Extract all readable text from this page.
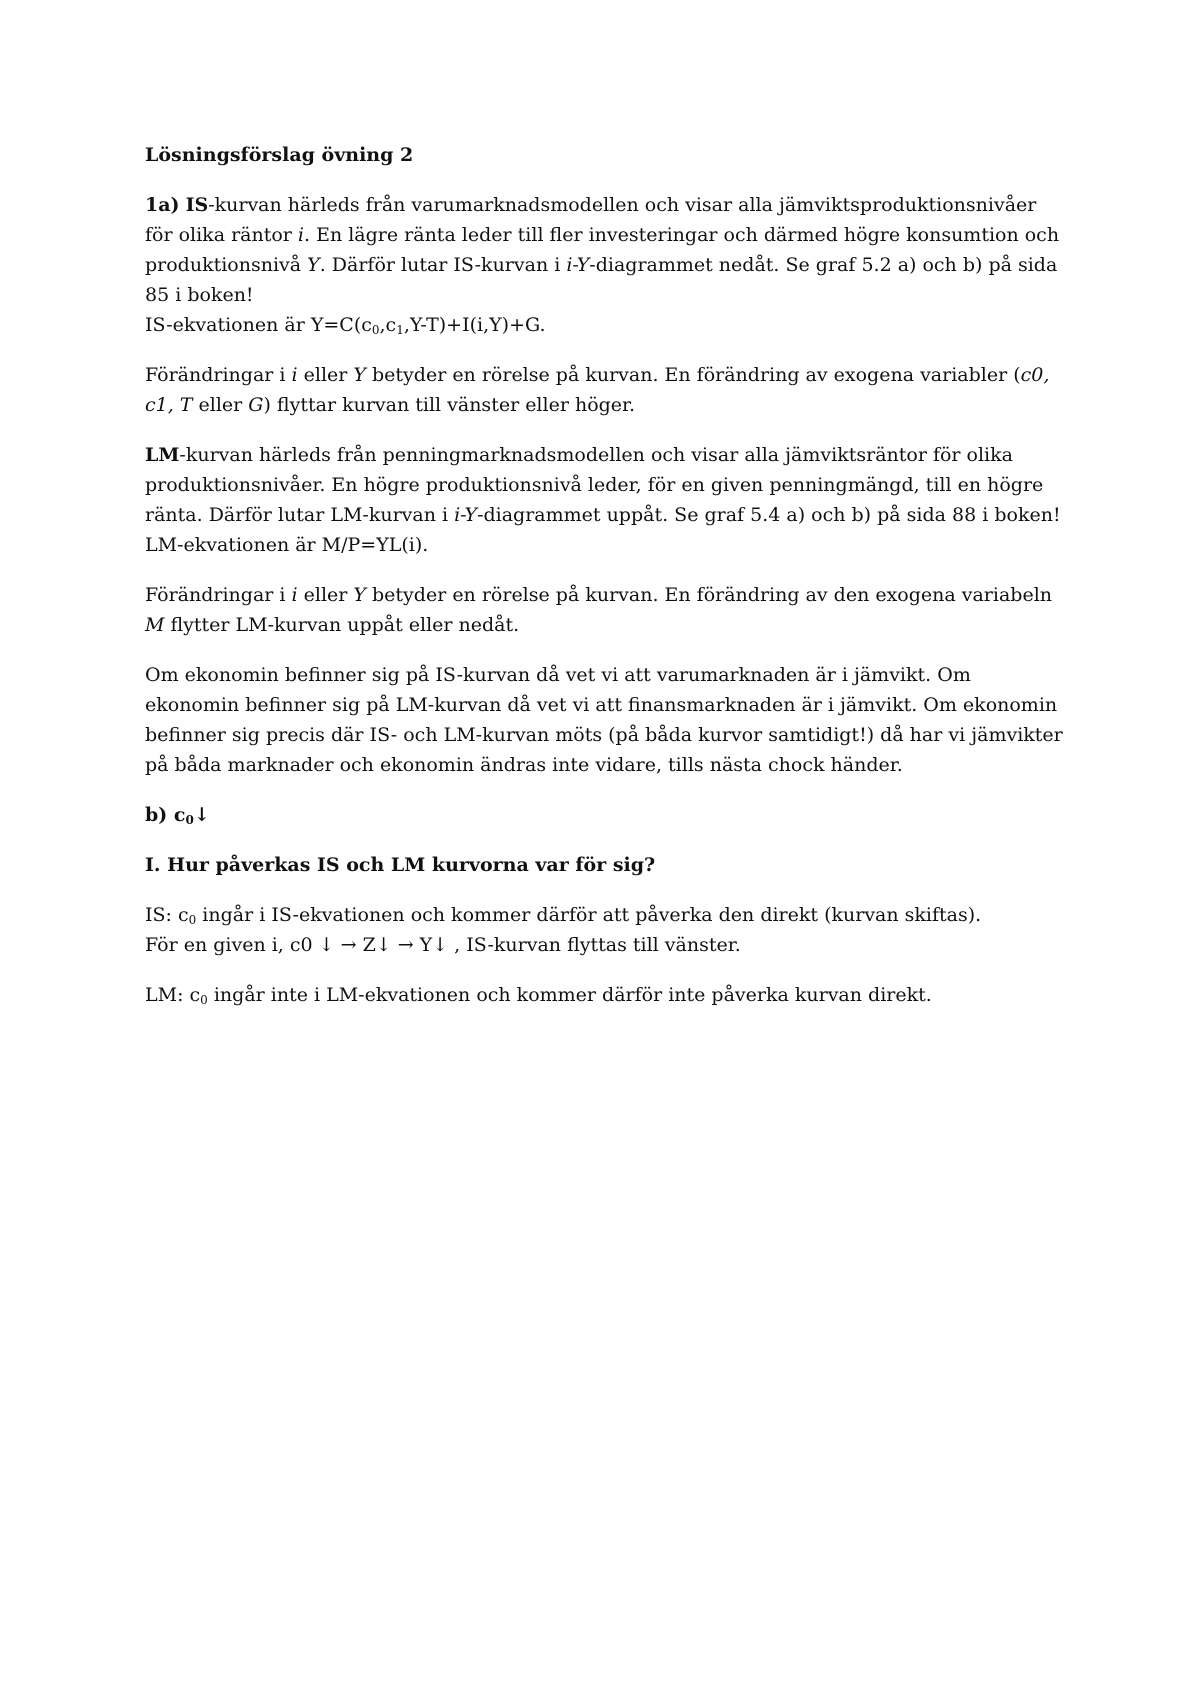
Lösningsförslag övning 2
1a) IS-kurvan härleds från varumarknadsmodellen och visar alla jämviktsproduktionsnivåer för olika räntor i. En lägre ränta leder till fler investeringar och därmed högre konsumtion och produktionsnivå Y. Därför lutar IS-kurvan i i-Y-diagrammet nedåt. Se graf 5.2 a) och b) på sida 85 i boken!
IS-ekvationen är $Y=C(c_0,c_1,Y-T)+I(i,Y)+G$.
Förändringar i i eller Y betyder en rörelse på kurvan. En förändring av exogena variabler (c0, c1, T eller G) flyttar kurvan till vänster eller höger.
LM-kurvan härleds från penningmarknadsmodellen och visar alla jämviktsräntor för olika produktionsnivåer. En högre produktionsnivå leder, för en given penningmängd, till en högre ränta. Därför lutar LM-kurvan i i-Y-diagrammet uppåt. Se graf 5.4 a) och b) på sida 88 i boken!
LM-ekvationen är M/P=YL(i).
Förändringar i i eller Y betyder en rörelse på kurvan. En förändring av den exogena variabeln M flytter LM-kurvan uppåt eller nedåt.
Om ekonomin befinner sig på IS-kurvan då vet vi att varumarknaden är i jämvikt. Om ekonomin befinner sig på LM-kurvan då vet vi att finansmarknaden är i jämvikt. Om ekonomin befinner sig precis där IS- och LM-kurvan möts (på båda kurvor samtidigt!) då har vi jämvikter på båda marknader och ekonomin ändras inte vidare, tills nästa chock händer.
b) $c_0↓$
I. Hur påverkas IS och LM kurvorna var för sig?
IS: $c_0$ ingår i IS-ekvationen och kommer därför att påverka den direkt (kurvan skiftas).
För en given i, c0 ↓ → Z↓ → Y↓ , IS-kurvan flyttas till vänster.
LM: $c_0$ ingår inte i LM-ekvationen och kommer därför inte påverka kurvan direkt.
